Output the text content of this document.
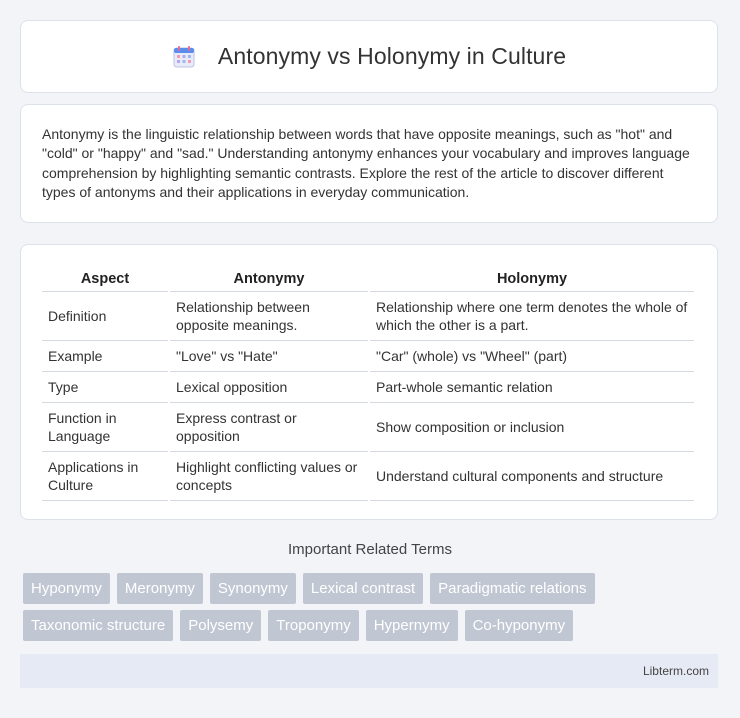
Antonymy vs Holonymy in Culture

Antonymy is the linguistic relationship between words that have opposite meanings, such as "hot" and "cold" or "happy" and "sad." Understanding antonymy enhances your vocabulary and improves language comprehension by highlighting semantic contrasts. Explore the rest of the article to discover different types of antonyms and their applications in everyday communication.

Aspect	Antonymy	Holonymy
Definition	Relationship between opposite meanings.	Relationship where one term denotes the whole of which the other is a part.
Example	"Love" vs "Hate"	"Car" (whole) vs "Wheel" (part)
Type	Lexical opposition	Part-whole semantic relation
Function in Language	Express contrast or opposition	Show composition or inclusion
Applications in Culture	Highlight conflicting values or concepts	Understand cultural components and structure
Important Related Terms
Hyponymy	Meronymy	Synonymy	Lexical contrast	Paradigmatic relations
Taxonomic structure	Polysemy	Troponymy	Hypernymy	Co-hyponymy
Libterm.com
